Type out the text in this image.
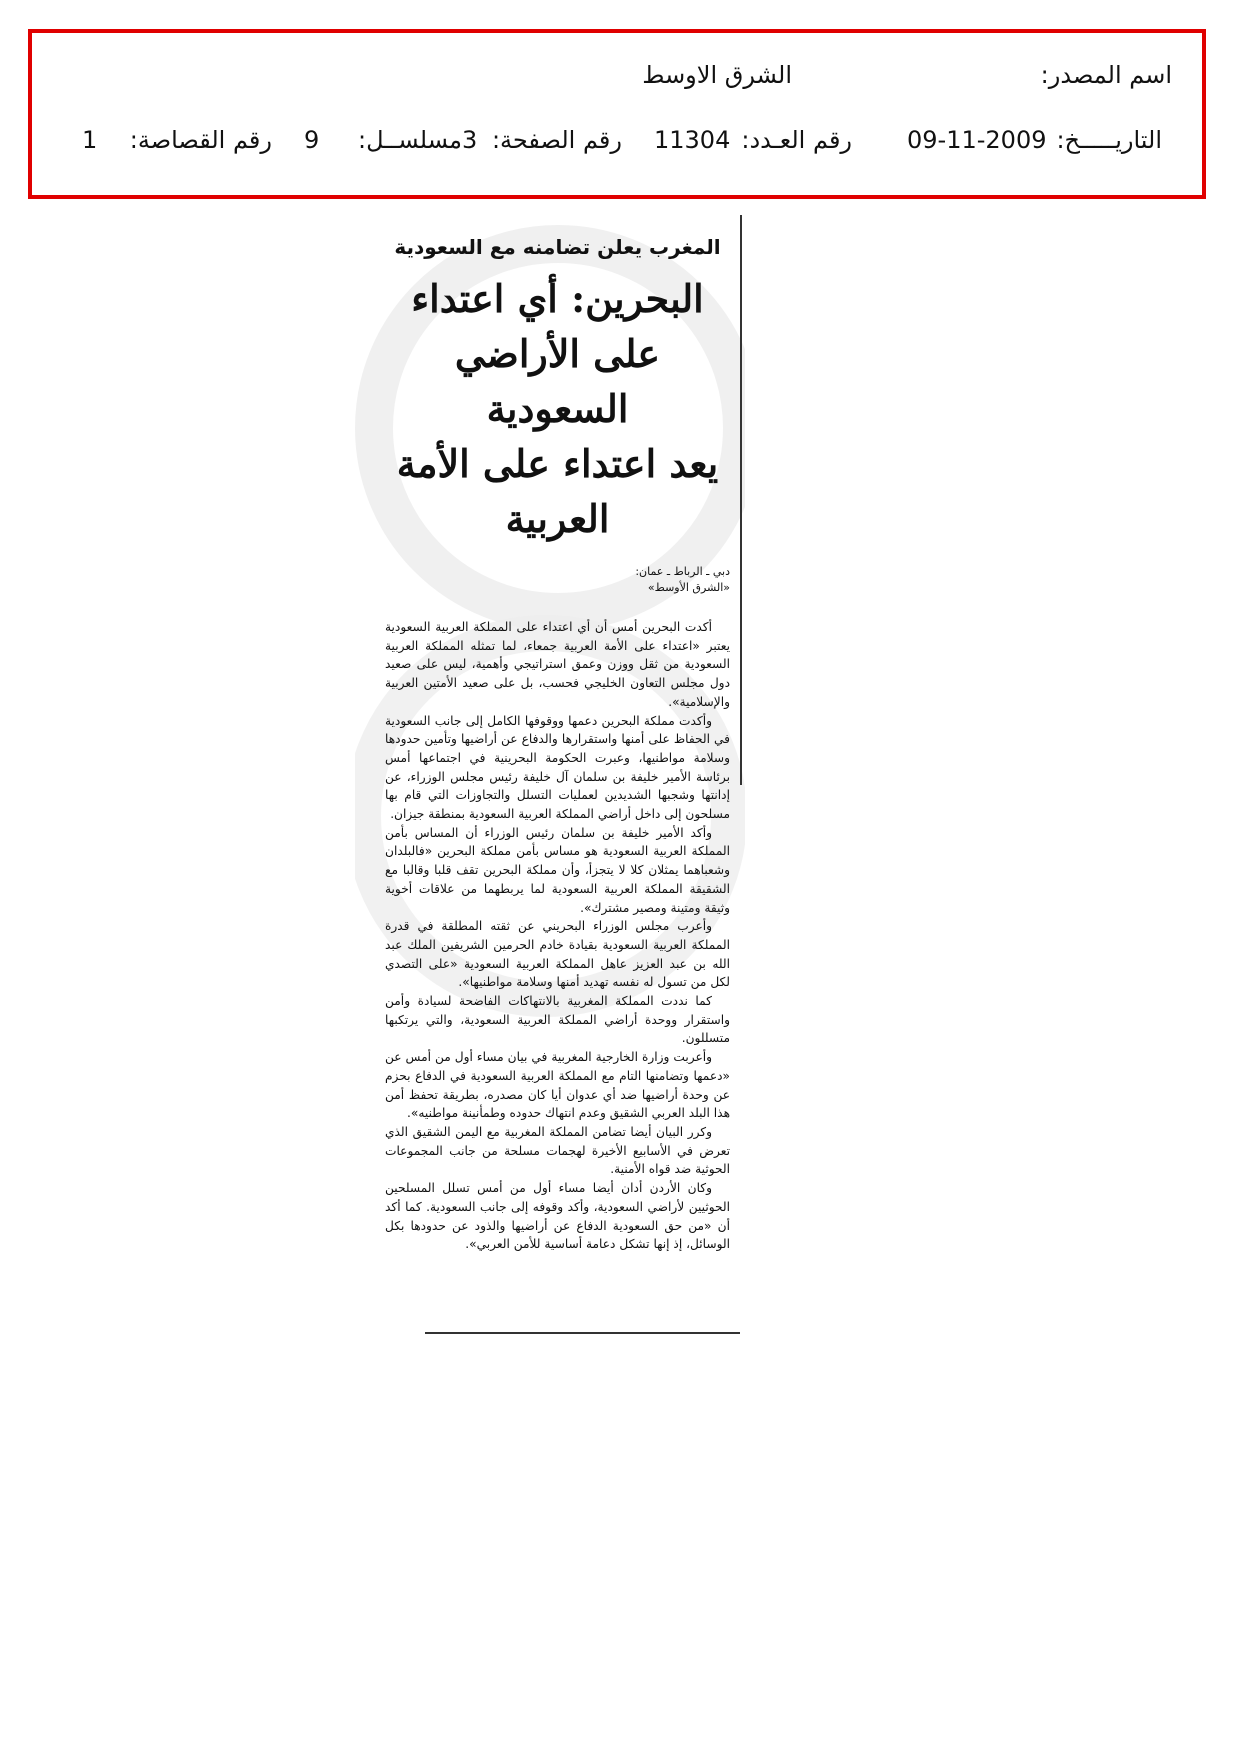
اسم المصدر:
الشرق الاوسط
التاريـــــخ:
09-11-2009
رقم العـدد:
11304
رقم الصفحة:
3
مسلســل:
9
رقم القصاصة:
1
المغرب يعلن تضامنه مع السعودية
البحرين: أي اعتداء
على الأراضي السعودية
يعد اعتداء على الأمة العربية
دبي ـ الرباط ـ عمان:
«الشرق الأوسط»

أكدت البحرين أمس أن أي اعتداء على المملكة العربية السعودية يعتبر «اعتداء على الأمة العربية جمعاء، لما تمثله المملكة العربية السعودية من ثقل ووزن وعمق استراتيجي وأهمية، ليس على صعيد دول مجلس التعاون الخليجي فحسب، بل على صعيد الأمتين العربية والإسلامية».

وأكدت مملكة البحرين دعمها ووقوفها الكامل إلى جانب السعودية في الحفاظ على أمنها واستقرارها والدفاع عن أراضيها وتأمين حدودها وسلامة مواطنيها، وعبرت الحكومة البحرينية في اجتماعها أمس برئاسة الأمير خليفة بن سلمان آل خليفة رئيس مجلس الوزراء، عن إدانتها وشجبها الشديدين لعمليات التسلل والتجاوزات التي قام بها مسلحون إلى داخل أراضي المملكة العربية السعودية بمنطقة جيزان.

وأكد الأمير خليفة بن سلمان رئيس الوزراء أن المساس بأمن المملكة العربية السعودية هو مساس بأمن مملكة البحرين «فالبلدان وشعباهما يمثلان كلا لا يتجزأ، وأن مملكة البحرين تقف قلبا وقالبا مع الشقيقة المملكة العربية السعودية لما يربطهما من علاقات أخوية وثيقة ومتينة ومصير مشترك».

وأعرب مجلس الوزراء البحريني عن ثقته المطلقة في قدرة المملكة العربية السعودية بقيادة خادم الحرمين الشريفين الملك عبد الله بن عبد العزيز عاهل المملكة العربية السعودية «على التصدي لكل من تسول له نفسه تهديد أمنها وسلامة مواطنيها».

كما نددت المملكة المغربية بالانتهاكات الفاضحة لسيادة وأمن واستقرار ووحدة أراضي المملكة العربية السعودية، والتي يرتكبها متسللون.

وأعربت وزارة الخارجية المغربية في بيان مساء أول من أمس عن «دعمها وتضامنها التام مع المملكة العربية السعودية في الدفاع بحزم عن وحدة أراضيها ضد أي عدوان أيا كان مصدره، بطريقة تحفظ أمن هذا البلد العربي الشقيق وعدم انتهاك حدوده وطمأنينة مواطنيه».

وكرر البيان أيضا تضامن المملكة المغربية مع اليمن الشقيق الذي تعرض في الأسابيع الأخيرة لهجمات مسلحة من جانب المجموعات الحوثية ضد قواه الأمنية.

وكان الأردن أدان أيضا مساء أول من أمس تسلل المسلحين الحوثيين لأراضي السعودية، وأكد وقوفه إلى جانب السعودية. كما أكد أن «من حق السعودية الدفاع عن أراضيها والذود عن حدودها بكل الوسائل، إذ إنها تشكل دعامة أساسية للأمن العربي».
